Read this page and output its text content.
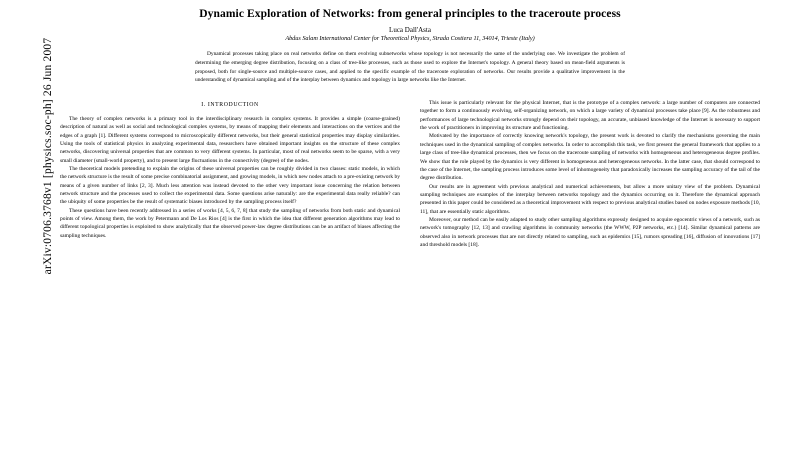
arXiv:0706.3768v1 [physics.soc-ph] 26 Jun 2007
Dynamic Exploration of Networks: from general principles to the traceroute process
Luca Dall'Asta
Abdus Salam International Center for Theoretical Physics, Strada Costiera 11, 34014, Trieste (Italy)
Dynamical processes taking place on real networks define on them evolving subnetworks whose topology is not necessarily the same of the underlying one. We investigate the problem of determining the emerging degree distribution, focusing on a class of tree-like processes, such as those used to explore the Internet's topology. A general theory based on mean-field arguments is proposed, both for single-source and multiple-source cases, and applied to the specific example of the traceroute exploration of networks. Our results provide a qualitative improvement in the understanding of dynamical sampling and of the interplay between dynamics and topology in large networks like the Internet.
I. INTRODUCTION

The theory of complex networks is a primary tool in the interdisciplinary research in complex systems. It provides a simple (coarse-grained) description of natural as well as social and technological complex systems, by means of mapping their elements and interactions on the vertices and the edges of a graph [1]. Different systems correspond to microscopically different networks, but their general statistical properties may display similarities. Using the tools of statistical physics in analyzing experimental data, researchers have obtained important insights on the structure of these complex networks, discovering universal properties that are common to very different systems. In particular, most of real networks seem to be sparse, with a very small diameter (small-world property), and to present large fluctuations in the connectivity (degree) of the nodes.

The theoretical models pretending to explain the origins of these universal properties can be roughly divided in two classes: static models, in which the network structure is the result of some precise combinatorial assignment, and growing models, in which new nodes attach to a pre-existing network by means of a given number of links [2, 3]. Much less attention was instead devoted to the other very important issue concerning the relation between network structure and the processes used to collect the experimental data. Some questions arise naturally: are the experimental data really reliable? can the ubiquity of some properties be the result of systematic biases introduced by the sampling process itself?

These questions have been recently addressed in a series of works [4, 5, 6, 7, 8] that study the sampling of networks from both static and dynamical points of view. Among them, the work by Petermann and De Los Rios [4] is the first in which the idea that different generation algorithms may lead to different topological properties is exploited to show analytically that the observed power-law degree distributions can be an artifact of biases affecting the sampling techniques.

This issue is particularly relevant for the physical Internet, that is the prototype of a complex network: a large number of computers are connected together to form a continuously evolving, self-organizing network, on which a large variety of dynamical processes take place [9]. As the robustness and performances of large technological networks strongly depend on their topology, an accurate, unbiased knowledge of the Internet is necessary to support the work of practitioners in improving its structure and functioning.

Motivated by the importance of correctly knowing network's topology, the present work is devoted to clarify the mechanisms governing the main techniques used in the dynamical sampling of complex networks. In order to accomplish this task, we first present the general framework that applies to a large class of tree-like dynamical processes, then we focus on the traceroute sampling of networks with homogeneous and heterogeneous degree profiles. We show that the role played by the dynamics is very different in homogeneous and heterogeneous networks. In the latter case, that should correspond to the case of the Internet, the sampling process introduces some level of inhomogeneity that paradoxically increases the sampling accuracy of the tail of the degree distribution.

Our results are in agreement with previous analytical and numerical achievements, but allow a more unitary view of the problem. Dynamical sampling techniques are examples of the interplay between networks topology and the dynamics occurring on it. Therefore the dynamical approach presented in this paper could be considered as a theoretical improvement with respect to previous analytical studies based on nodes exposure methods [10, 11], that are essentially static algorithms.

Moreover, our method can be easily adapted to study other sampling algorithms expressly designed to acquire egocentric views of a network, such as network's tomography [12, 13] and crawling algorithms in community networks (the WWW, P2P networks, etc.) [14]. Similar dynamical patterns are observed also in network processes that are not directly related to sampling, such as epidemics [15], rumors spreading [16], diffusion of innovations [17] and threshold models [18].
